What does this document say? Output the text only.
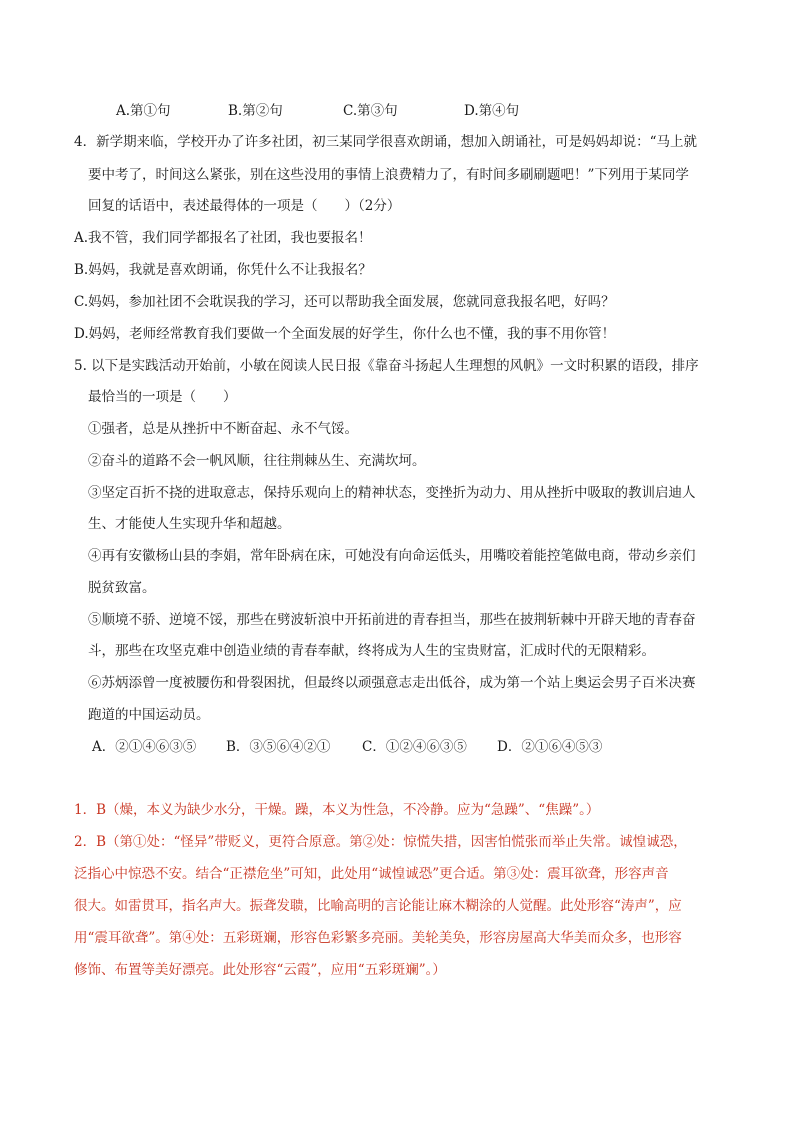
A.第①句	B.第②句	C.第③句	D.第④句
4．新学期来临，学校开办了许多社团，初三某同学很喜欢朗诵，想加入朗诵社，可是妈妈却说：“马上就
要中考了，时间这么紧张，别在这些没用的事情上浪费精力了，有时间多刷刷题吧！”下列用于某同学
回复的话语中，表述最得体的一项是（　　）（2分）
A.我不管，我们同学都报名了社团，我也要报名！
B.妈妈，我就是喜欢朗诵，你凭什么不让我报名？
C.妈妈，参加社团不会耽误我的学习，还可以帮助我全面发展，您就同意我报名吧，好吗？
D.妈妈，老师经常教育我们要做一个全面发展的好学生，你什么也不懂，我的事不用你管！
5. 以下是实践活动开始前，小敏在阅读人民日报《靠奋斗扬起人生理想的风帆》一文时积累的语段，排序
最恰当的一项是（　　）
①强者，总是从挫折中不断奋起、永不气馁。
②奋斗的道路不会一帆风顺，往往荆棘丛生、充满坎坷。
③坚定百折不挠的进取意志，保持乐观向上的精神状态，变挫折为动力、用从挫折中吸取的教训启迪人
生、才能使人生实现升华和超越。
④再有安徽杨山县的李娟，常年卧病在床，可她没有向命运低头，用嘴咬着能控笔做电商，带动乡亲们
脱贫致富。
⑤顺境不骄、逆境不馁，那些在劈波斩浪中开拓前进的青春担当，那些在披荆斩棘中开辟天地的青春奋
斗，那些在攻坚克难中创造业绩的青春奉献，终将成为人生的宝贵财富，汇成时代的无限精彩。
⑥苏炳添曾一度被腰伤和骨裂困扰，但最终以顽强意志走出低谷，成为第一个站上奥运会男子百米决赛
跑道的中国运动员。
A．②①④⑥③⑤ B．③⑤⑥④②① C．①②④⑥③⑤ D．②①⑥④⑤③
1．B（燥，本义为缺少水分，干燥。躁，本义为性急，不冷静。应为“急躁”、“焦躁”。）
2．B（第①处：“怪异”带贬义，更符合原意。第②处：惊慌失措，因害怕慌张而举止失常。诚惶诚恐，
泛指心中惊恐不安。结合“正襟危坐”可知，此处用“诚惶诚恐”更合适。第③处：震耳欲聋，形容声音
很大。如雷贯耳，指名声大。振聋发聩，比喻高明的言论能让麻木糊涂的人觉醒。此处形容“涛声”，应
用“震耳欲聋”。第④处：五彩斑斓，形容色彩繁多亮丽。美轮美奂，形容房屋高大华美而众多，也形容
修饰、布置等美好漂亮。此处形容“云霞”，应用“五彩斑斓”。）
